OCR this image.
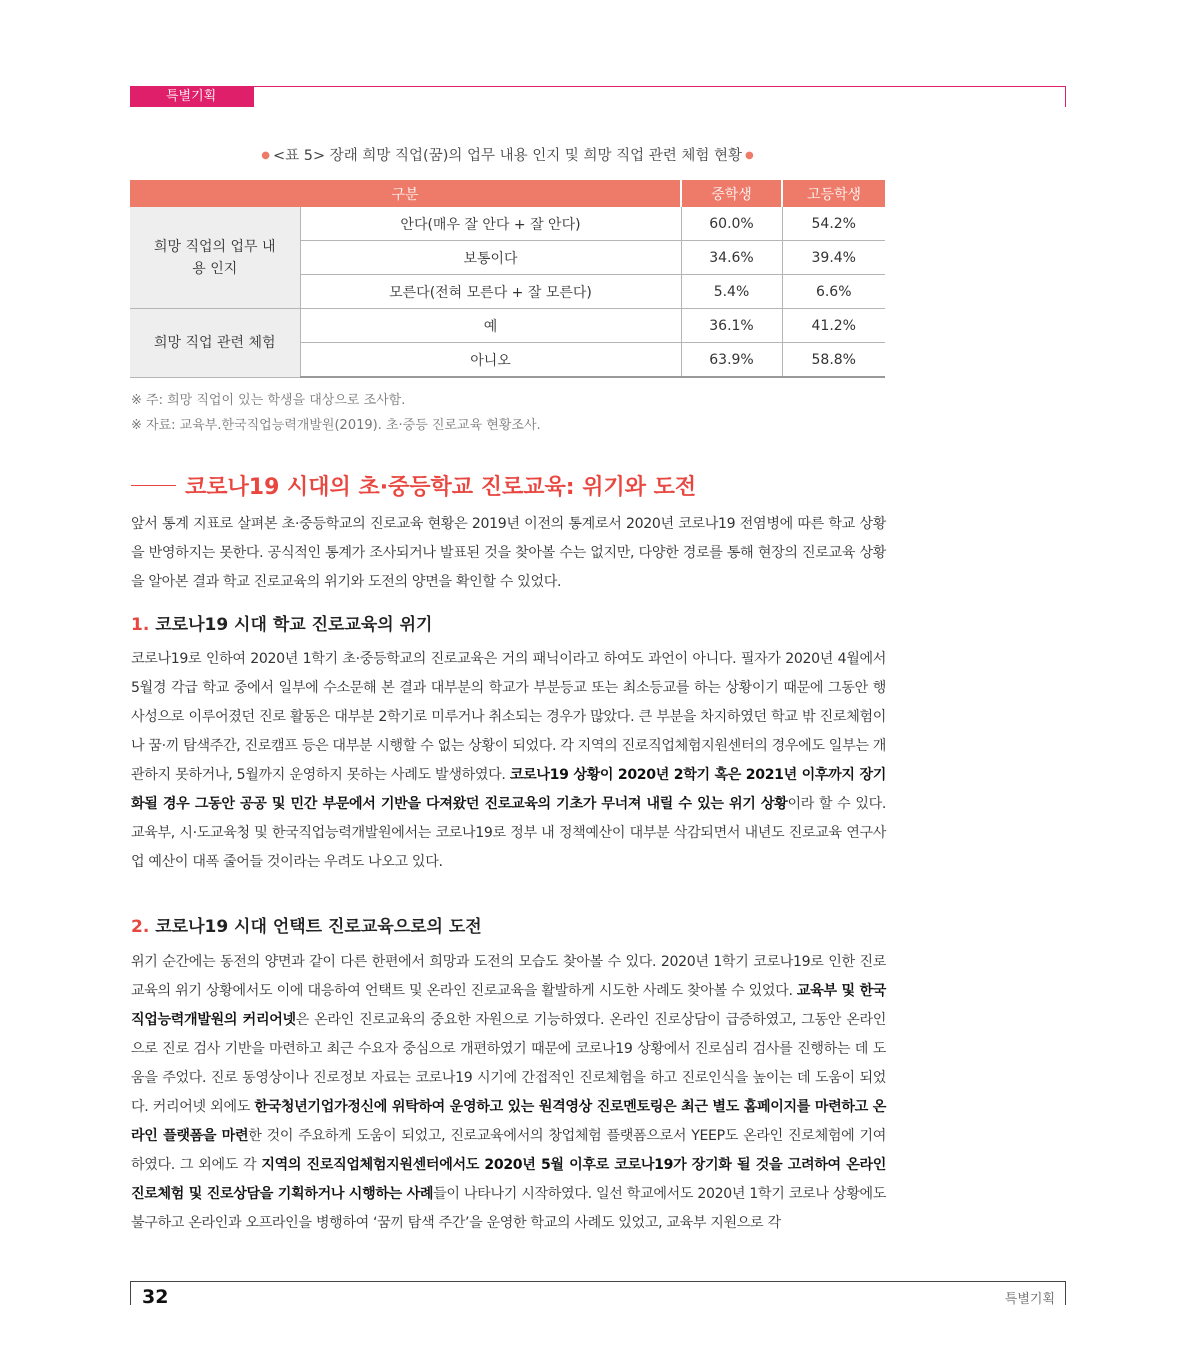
특별기획
● <표 5> 장래 희망 직업(꿈)의 업무 내용 인지 및 희망 직업 관련 체험 현황 ●
구분		중학생	고등학생
희망 직업의 업무 내용 인지	안다(매우 잘 안다 + 잘 안다)	60.0%	54.2%
	보통이다	34.6%	39.4%
	모른다(전혀 모른다 + 잘 모른다)	5.4%	6.6%
희망 직업 관련 체험	예	36.1%	41.2%
	아니오	63.9%	58.8%
※ 주: 희망 직업이 있는 학생을 대상으로 조사함.
※ 자료: 교육부.한국직업능력개발원(2019). 초·중등 진로교육 현황조사.
코로나19 시대의 초·중등학교 진로교육: 위기와 도전
앞서 통계 지표로 살펴본 초·중등학교의 진로교육 현황은 2019년 이전의 통계로서 2020년 코로나19 전염병에 따른 학교 상황을 반영하지는 못한다. 공식적인 통계가 조사되거나 발표된 것을 찾아볼 수는 없지만, 다양한 경로를 통해 현장의 진로교육 상황을 알아본 결과 학교 진로교육의 위기와 도전의 양면을 확인할 수 있었다.
1. 코로나19 시대 학교 진로교육의 위기
코로나19로 인하여 2020년 1학기 초·중등학교의 진로교육은 거의 패닉이라고 하여도 과언이 아니다. 필자가 2020년 4월에서 5월경 각급 학교 중에서 일부에 수소문해 본 결과 대부분의 학교가 부분등교 또는 최소등교를 하는 상황이기 때문에 그동안 행사성으로 이루어졌던 진로 활동은 대부분 2학기로 미루거나 취소되는 경우가 많았다. 큰 부분을 차지하였던 학교 밖 진로체험이나 꿈·끼 탐색주간, 진로캠프 등은 대부분 시행할 수 없는 상황이 되었다. 각 지역의 진로직업체험지원센터의 경우에도 일부는 개관하지 못하거나, 5월까지 운영하지 못하는 사례도 발생하였다. 코로나19 상황이 2020년 2학기 혹은 2021년 이후까지 장기화될 경우 그동안 공공 및 민간 부문에서 기반을 다져왔던 진로교육의 기초가 무너져 내릴 수 있는 위기 상황이라 할 수 있다. 교육부, 시·도교육청 및 한국직업능력개발원에서는 코로나19로 정부 내 정책예산이 대부분 삭감되면서 내년도 진로교육 연구사업 예산이 대폭 줄어들 것이라는 우려도 나오고 있다.
2. 코로나19 시대 언택트 진로교육으로의 도전
위기 순간에는 동전의 양면과 같이 다른 한편에서 희망과 도전의 모습도 찾아볼 수 있다. 2020년 1학기 코로나19로 인한 진로교육의 위기 상황에서도 이에 대응하여 언택트 및 온라인 진로교육을 활발하게 시도한 사례도 찾아볼 수 있었다. 교육부 및 한국직업능력개발원의 커리어넷은 온라인 진로교육의 중요한 자원으로 기능하였다. 온라인 진로상담이 급증하였고, 그동안 온라인으로 진로 검사 기반을 마련하고 최근 수요자 중심으로 개편하였기 때문에 코로나19 상황에서 진로심리 검사를 진행하는 데 도움을 주었다. 진로 동영상이나 진로정보 자료는 코로나19 시기에 간접적인 진로체험을 하고 진로인식을 높이는 데 도움이 되었다. 커리어넷 외에도 한국청년기업가정신에 위탁하여 운영하고 있는 원격영상 진로멘토링은 최근 별도 홈페이지를 마련하고 온라인 플랫폼을 마련한 것이 주요하게 도움이 되었고, 진로교육에서의 창업체험 플랫폼으로서 YEEP도 온라인 진로체험에 기여하였다. 그 외에도 각 지역의 진로직업체험지원센터에서도 2020년 5월 이후로 코로나19가 장기화 될 것을 고려하여 온라인 진로체험 및 진로상담을 기획하거나 시행하는 사례들이 나타나기 시작하였다. 일선 학교에서도 2020년 1학기 코로나 상황에도 불구하고 온라인과 오프라인을 병행하여 ‘꿈끼 탐색 주간’을 운영한 학교의 사례도 있었고, 교육부 지원으로 각
32	특별기획
